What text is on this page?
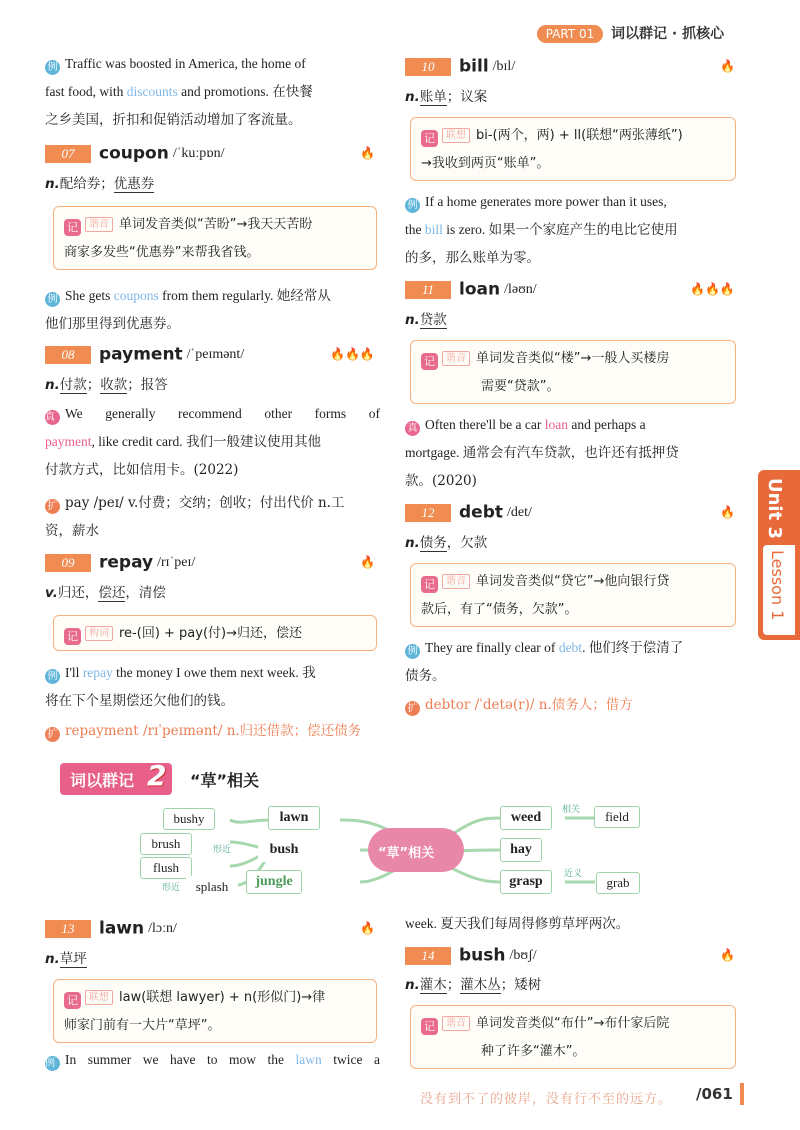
PART 01	词以群记 · 抓核心
Unit 3
Lesson 1

例 Traffic was boosted in America, the home of

fast food, with discounts and promotions. 在快餐

之乡美国，折扣和促销活动增加了客流量。

07 coupon /ˈkuːpɒn/	🔥
n.配给券；优惠券
记 谐音 单词发音类似“苦盼”→我天天苦盼
商家多发些“优惠券”来帮我省钱。

例 She gets coupons from them regularly. 她经常从

他们那里得到优惠券。

08 payment /ˈpeɪmənt/	🔥🔥🔥
n.付款；收款；报答

真 We generally recommend other forms of

payment, like credit card. 我们一般建议使用其他

付款方式，比如信用卡。(2022)

扩 pay /peɪ/ v.付费；交纳；创收；付出代价 n.工

资，薪水

09 repay /rɪˈpeɪ/	🔥
v.归还，偿还，清偿
记 构词 re-(回) + pay(付)→归还，偿还

例 I'll repay the money I owe them next week. 我

将在下个星期偿还欠他们的钱。

扩 repayment /rɪˈpeɪmənt/ n.归还借款；偿还债务

10 bill /bɪl/	🔥
n.账单；议案
记 联想 bi-(两个，两) + ll(联想“两张薄纸”)
→我收到两页“账单”。

例 If a home generates more power than it uses,

the bill is zero. 如果一个家庭产生的电比它使用

的多，那么账单为零。

11 loan /ləʊn/	🔥🔥🔥
n.贷款
记 谐音 单词发音类似“楼”→一般人买楼房
需要“贷款”。

真 Often there'll be a car loan and perhaps a

mortgage. 通常会有汽车贷款，也许还有抵押贷

款。(2020)

12 debt /det/	🔥
n.债务，欠款
记 谐音 单词发音类似“贷它”→他向银行贷
款后，有了“债务，欠款”。

例 They are finally clear of debt. 他们终于偿清了

债务。

扩 debtor /ˈdetə(r)/ n.债务人；借方

词以群记 2 “草”相关
“草”相关
bushy
brush
flush
splash
形近
形近
lawn
bush
jungle
weed	相关	field
hay
grasp	近义
grab
13 lawn /lɔːn/	🔥
n.草坪
记 联想 law(联想 lawyer) + n(形似门)→律
师家门前有一大片“草坪”。

例 In summer we have to mow the lawn twice a

week. 夏天我们每周得修剪草坪两次。

14 bush /bʊʃ/	🔥
n.灌木；灌木丛；矮树
记 谐音 单词发音类似“布什”→布什家后院
种了许多“灌木”。
没有到不了的彼岸，没有行不至的远方。 /061
